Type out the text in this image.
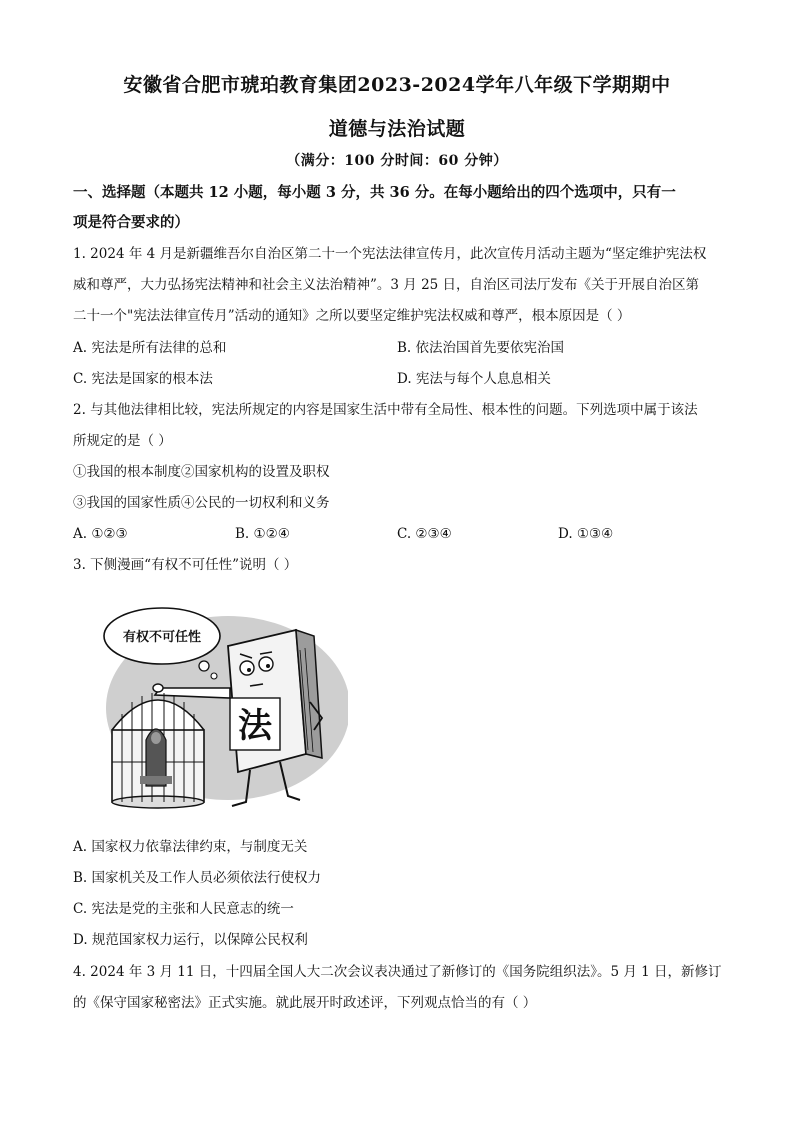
安徽省合肥市琥珀教育集团2023-2024学年八年级下学期期中
道德与法治试题
（满分：100 分时间：60 分钟）
一、选择题（本题共 12 小题，每小题 3 分，共 36 分。在每小题给出的四个选项中，只有一
项是符合要求的）
1. 2024 年 4 月是新疆维吾尔自治区第二十一个宪法法律宣传月，此次宣传月活动主题为“坚定维护宪法权
威和尊严，大力弘扬宪法精神和社会主义法治精神”。3 月 25 日，自治区司法厅发布《关于开展自治区第
二十一个"宪法法律宣传月”活动的通知》之所以要坚定维护宪法权威和尊严，根本原因是（ ）
A. 宪法是所有法律的总和	B. 依法治国首先要依宪治国
C. 宪法是国家的根本法	D. 宪法与每个人息息相关
2. 与其他法律相比较，宪法所规定的内容是国家生活中带有全局性、根本性的问题。下列选项中属于该法
所规定的是（ ）
①我国的根本制度②国家机构的设置及职权
③我国的国家性质④公民的一切权利和义务
A. ①②③	B. ①②④	C. ②③④	D. ①③④
3. 下侧漫画“有权不可任性”说明（ ）
有权不可任性
法
A. 国家权力依靠法律约束，与制度无关
B. 国家机关及工作人员必须依法行使权力
C. 宪法是党的主张和人民意志的统一
D. 规范国家权力运行，以保障公民权利
4. 2024 年 3 月 11 日，十四届全国人大二次会议表决通过了新修订的《国务院组织法》。5 月 1 日，新修订
的《保守国家秘密法》正式实施。就此展开时政述评，下列观点恰当的有（ ）
